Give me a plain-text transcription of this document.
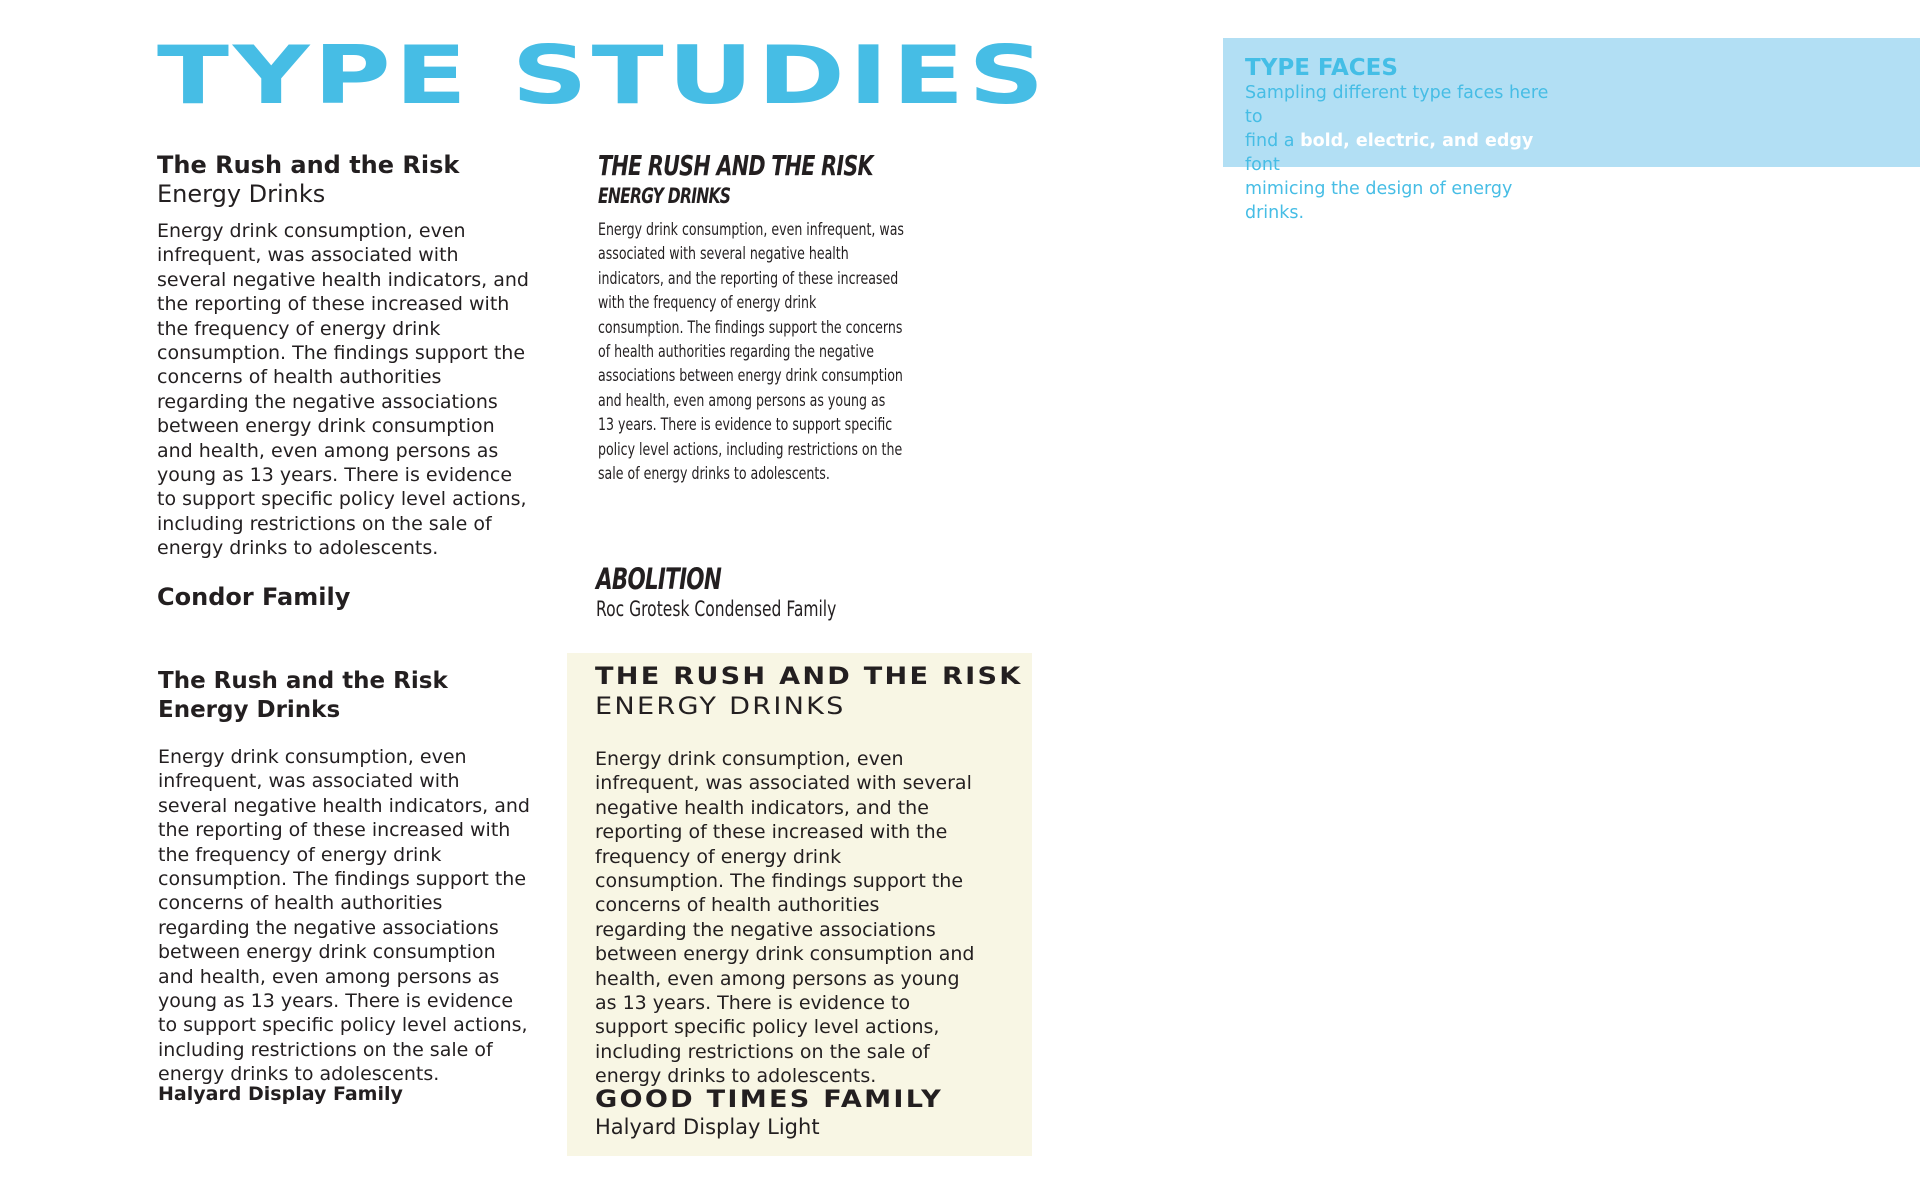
TYPE STUDIES	TYPE FACES

Sampling different type faces here to
find a bold, electric, and edgy font
mimicing the design of energy drinks.

The Rush and the Risk
Energy Drinks

Energy drink consumption, even infrequent, was associated with several negative health indicators, and the reporting of these increased with the frequency of energy drink consumption. The findings support the concerns of health authorities regarding the negative associations between energy drink consumption and health, even among persons as young as 13 years. There is evidence to support specific policy level actions, including restrictions on the sale of energy drinks to adolescents.

Condor Family
THE RUSH AND THE RISK
ENERGY DRINKS

Energy drink consumption, even infrequent, was associated with several negative health indicators, and the reporting of these increased with the frequency of energy drink consumption. The findings support the concerns of health authorities regarding the negative associations between energy drink consumption and health, even among persons as young as 13 years. There is evidence to support specific policy level actions, including restrictions on the sale of energy drinks to adolescents.

ABOLITION
Roc Grotesk Condensed Family
The Rush and the Risk
Energy Drinks

Energy drink consumption, even infrequent, was associated with several negative health indicators, and the reporting of these increased with the frequency of energy drink consumption. The findings support the concerns of health authorities regarding the negative associations between energy drink consumption and health, even among persons as young as 13 years. There is evidence to support specific policy level actions, including restrictions on the sale of energy drinks to adolescents.

Halyard Display Family
THE RUSH AND THE RISK
ENERGY DRINKS

Energy drink consumption, even infrequent, was associated with several negative health indicators, and the reporting of these increased with the frequency of energy drink consumption. The findings support the concerns of health authorities regarding the negative associations between energy drink consumption and health, even among persons as young as 13 years. There is evidence to support specific policy level actions, including restrictions on the sale of energy drinks to adolescents.

GOOD TIMES FAMILY
Halyard Display Light
